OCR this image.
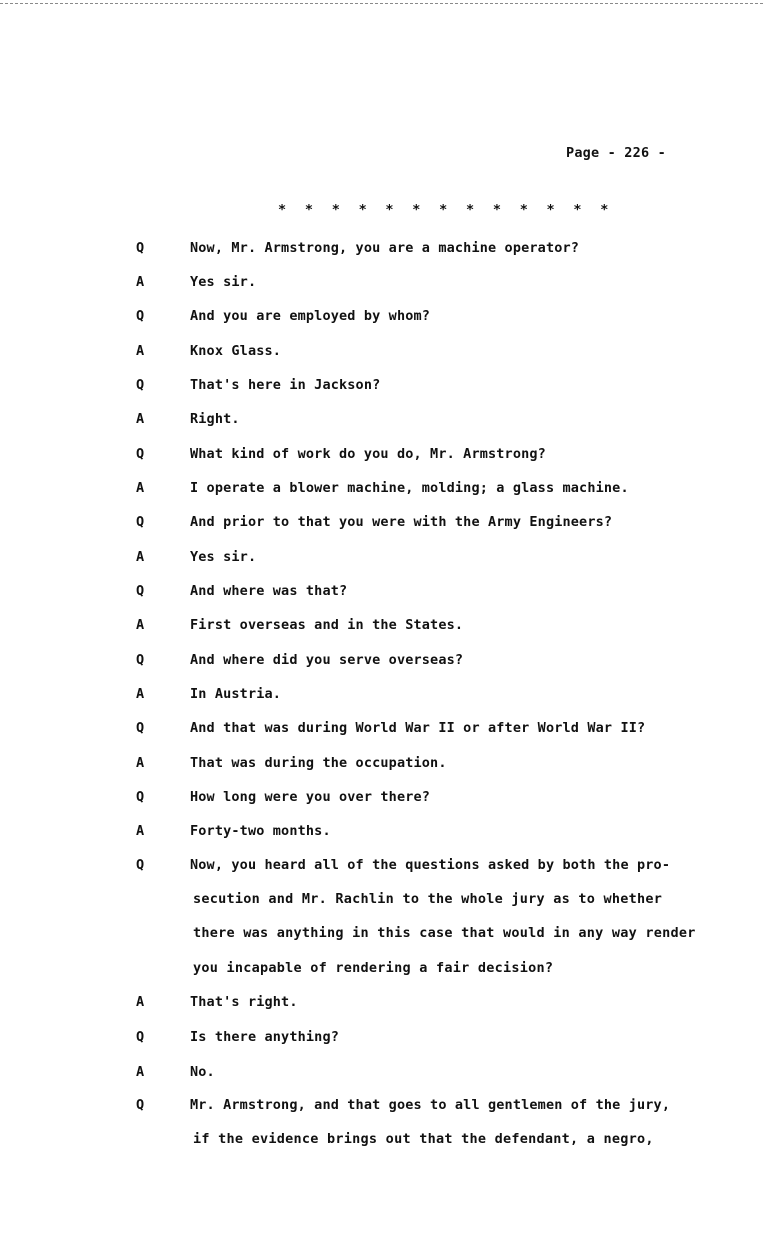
Page - 226 -
* * * * * * * * * * * * *
Q	Now, Mr. Armstrong, you are a machine operator?
A	Yes sir.
Q	And you are employed by whom?
A	Knox Glass.
Q	That's here in Jackson?
A	Right.
Q	What kind of work do you do, Mr. Armstrong?
A	I operate a blower machine, molding; a glass machine.
Q	And prior to that you were with the Army Engineers?
A	Yes sir.
Q	And where was that?
A	First overseas and in the States.
Q	And where did you serve overseas?
A	In Austria.
Q	And that was during World War II or after World War II?
A	That was during the occupation.
Q	How long were you over there?
A	Forty-two months.
Q	Now, you heard all of the questions asked by both the pro-
secution and Mr. Rachlin to the whole jury as to whether
there was anything in this case that would in any way render
you incapable of rendering a fair decision?
A	That's right.
Q	Is there anything?
A	No.
Q	Mr. Armstrong, and that goes to all gentlemen of the jury,
if the evidence brings out that the defendant, a negro,
